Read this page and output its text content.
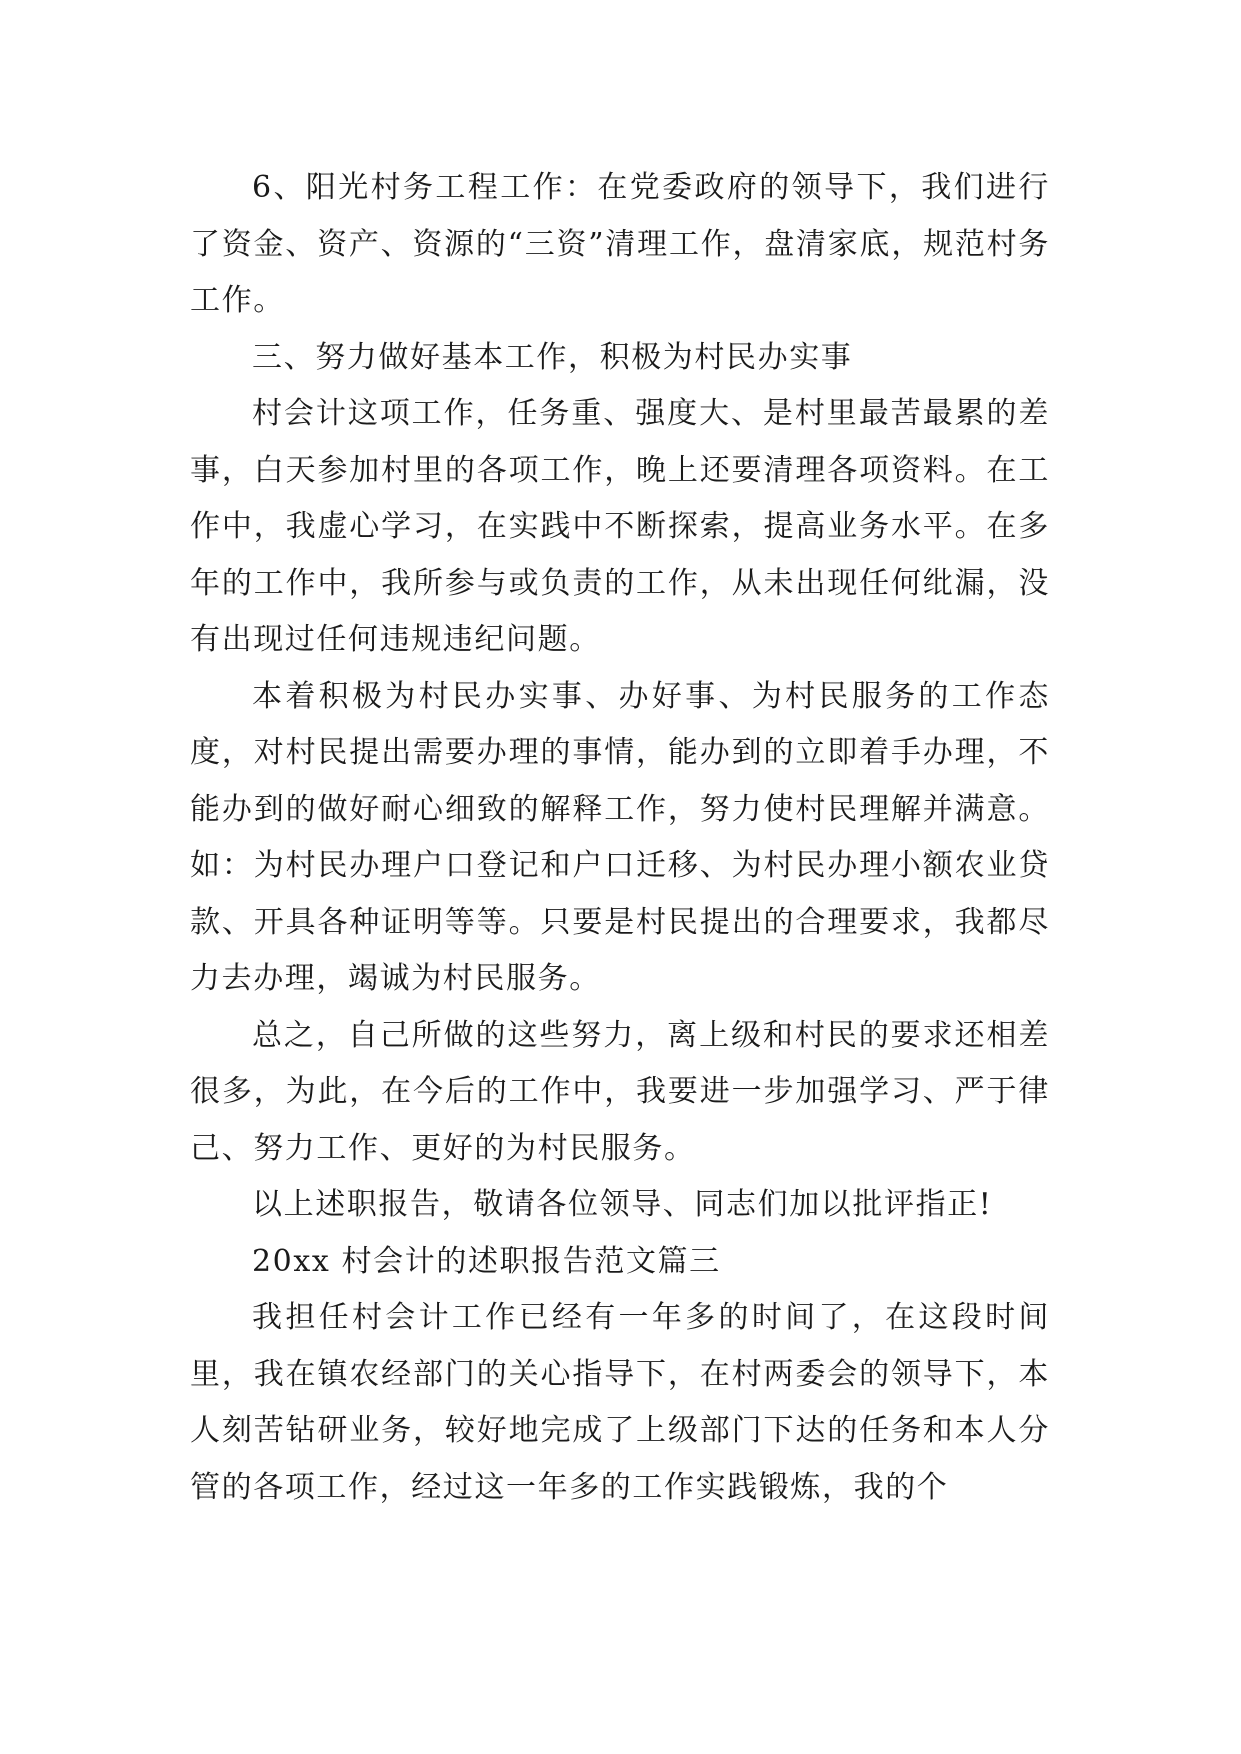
6、阳光村务工程工作：在党委政府的领导下，我们进行了资金、资产、资源的“三资”清理工作，盘清家底，规范村务工作。

三、努力做好基本工作，积极为村民办实事

村会计这项工作，任务重、强度大、是村里最苦最累的差事，白天参加村里的各项工作，晚上还要清理各项资料。在工作中，我虚心学习，在实践中不断探索，提高业务水平。在多年的工作中，我所参与或负责的工作，从未出现任何纰漏，没有出现过任何违规违纪问题。

本着积极为村民办实事、办好事、为村民服务的工作态度，对村民提出需要办理的事情，能办到的立即着手办理，不能办到的做好耐心细致的解释工作，努力使村民理解并满意。如：为村民办理户口登记和户口迁移、为村民办理小额农业贷款、开具各种证明等等。只要是村民提出的合理要求，我都尽力去办理，竭诚为村民服务。

总之，自己所做的这些努力，离上级和村民的要求还相差很多，为此，在今后的工作中，我要进一步加强学习、严于律己、努力工作、更好的为村民服务。

以上述职报告，敬请各位领导、同志们加以批评指正!

20xx 村会计的述职报告范文篇三

我担任村会计工作已经有一年多的时间了，在这段时间里，我在镇农经部门的关心指导下，在村两委会的领导下，本人刻苦钻研业务，较好地完成了上级部门下达的任务和本人分管的各项工作，经过这一年多的工作实践锻炼，我的个
